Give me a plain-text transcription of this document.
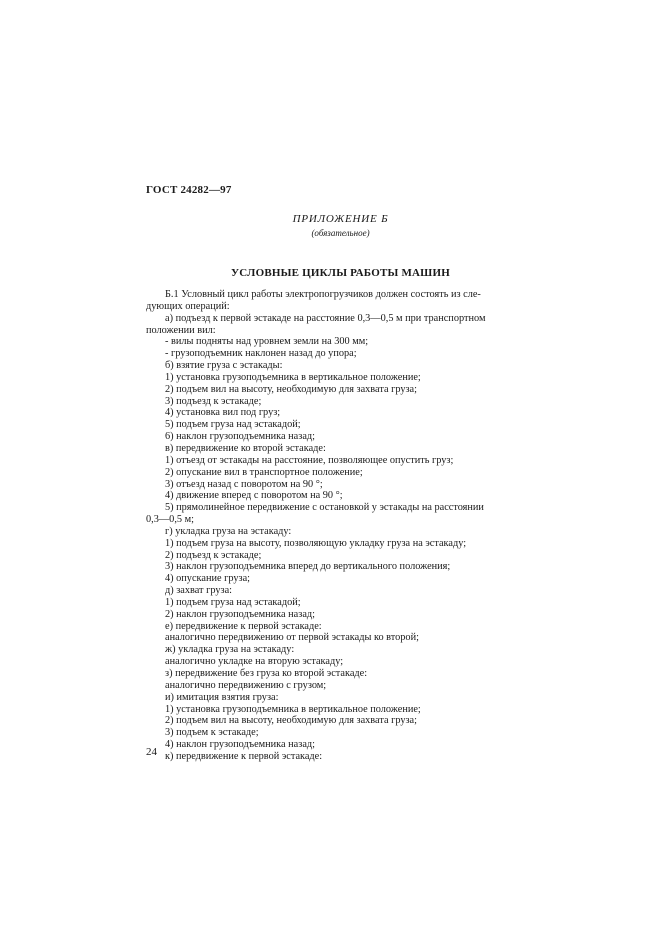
ГОСТ 24282—97
ПРИЛОЖЕНИЕ Б
(обязательное)
УСЛОВНЫЕ ЦИКЛЫ РАБОТЫ МАШИН
Б.1 Условный цикл работы электропогрузчиков должен состоять из сле-
дующих операций:
а) подъезд к первой эстакаде на расстояние 0,3—0,5 м при транспортном
положении вил:
- вилы подняты над уровнем земли на 300 мм;
- грузоподъемник наклонен назад до упора;
б) взятие груза с эстакады:
1) установка грузоподъемника в вертикальное положение;
2) подъем вил на высоту, необходимую для захвата груза;
3) подъезд к эстакаде;
4) установка вил под груз;
5) подъем груза над эстакадой;
6) наклон грузоподъемника назад;
в) передвижение ко второй эстакаде:
1) отъезд от эстакады на расстояние, позволяющее опустить груз;
2) опускание вил в транспортное положение;
3) отъезд назад с поворотом на 90 °;
4) движение вперед с поворотом на 90 °;
5) прямолинейное передвижение с остановкой у эстакады на расстоянии
0,3—0,5 м;
г) укладка груза на эстакаду:
1) подъем груза на высоту, позволяющую укладку груза на эстакаду;
2) подъезд к эстакаде;
3) наклон грузоподъемника вперед до вертикального положения;
4) опускание груза;
д) захват груза:
1) подъем груза над эстакадой;
2) наклон грузоподъемника назад;
е) передвижение к первой эстакаде:
аналогично передвижению от первой эстакады ко второй;
ж) укладка груза на эстакаду:
аналогично укладке на вторую эстакаду;
з) передвижение без груза ко второй эстакаде:
аналогично передвижению с грузом;
и) имитация взятия груза:
1) установка грузоподъемника в вертикальное положение;
2) подъем вил на высоту, необходимую для захвата груза;
3) подъем к эстакаде;
4) наклон грузоподъемника назад;
к) передвижение к первой эстакаде:
24
